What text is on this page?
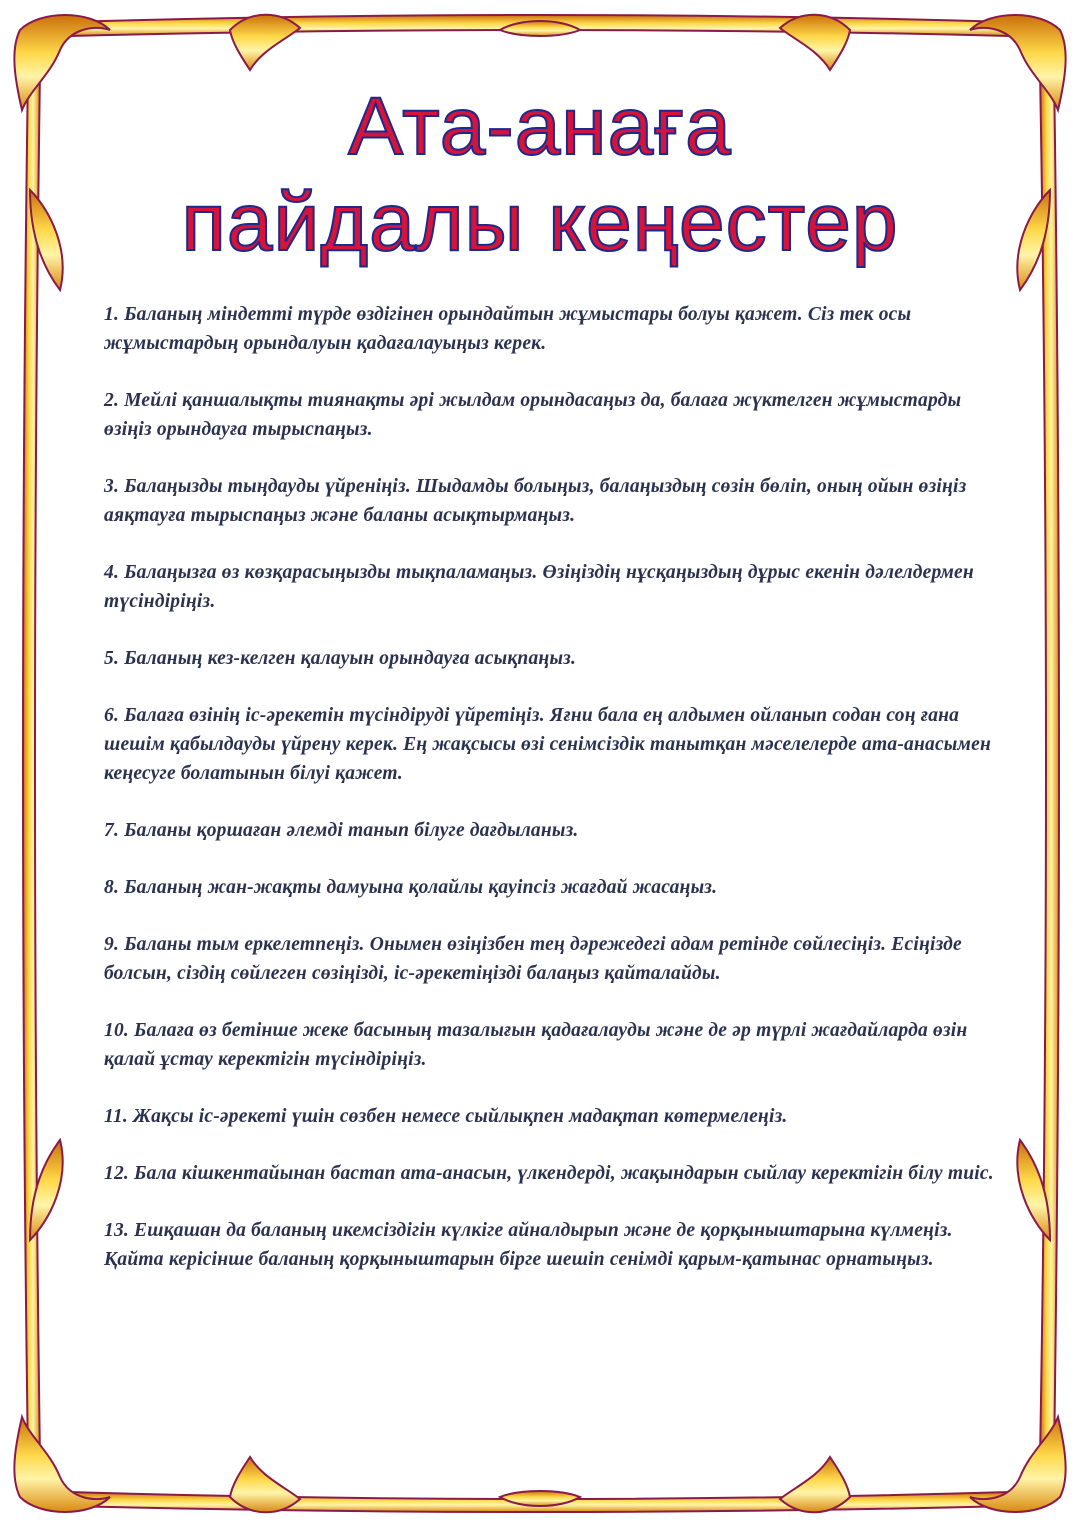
Ата-анаға
пайдалы кеңестер

1. Баланың міндетті түрде өздігінен орындайтын жұмыстары болуы қажет. Сіз тек осы жұмыстардың орындалуын қадағалауыңыз керек.

2. Мейлі қаншалықты тиянақты әрі жылдам орындасаңыз да, балаға жүктелген жұмыстарды өзіңіз орындауға тырыспаңыз.

3. Балаңызды тыңдауды үйреніңіз. Шыдамды болыңыз, балаңыздың сөзін бөліп, оның ойын өзіңіз аяқтауға тырыспаңыз және баланы асықтырмаңыз.

4. Балаңызға өз көзқарасыңызды тықпаламаңыз. Өзіңіздің нұсқаңыздың дұрыс екенін дәлелдермен түсіндіріңіз.

5. Баланың кез-келген қалауын орындауға асықпаңыз.

6. Балаға өзінің іс-әрекетін түсіндіруді үйретіңіз. Яғни бала ең алдымен ойланып содан соң ғана шешім қабылдауды үйрену керек. Ең жақсысы өзі сенімсіздік танытқан мәселелерде ата-анасымен кеңесуге болатынын білуі қажет.

7. Баланы қоршаған әлемді танып білуге дағдыланыз.

8. Баланың жан-жақты дамуына қолайлы қауіпсіз жағдай жасаңыз.

9. Баланы тым еркелетпеңіз. Онымен өзіңізбен тең дәрежедегі адам ретінде сөйлесіңіз. Есіңізде болсын, сіздің сөйлеген сөзіңізді, іс-әрекетіңізді балаңыз қайталайды.

10. Балаға өз бетінше жеке басының тазалығын қадағалауды және де әр түрлі жағдайларда өзін қалай ұстау керектігін түсіндіріңіз.

11. Жақсы іс-әрекеті үшін сөзбен немесе сыйлықпен мадақтап көтермелеңіз.

12. Бала кішкентайынан бастап ата-анасын, үлкендерді, жақындарын сыйлау керектігін білу тиіс.

13. Ешқашан да баланың икемсіздігін күлкіге айналдырып және де қорқыныштарына күлмеңіз. Қайта керісінше баланың қорқыныштарын бірге шешіп сенімді қарым-қатынас орнатыңыз.
